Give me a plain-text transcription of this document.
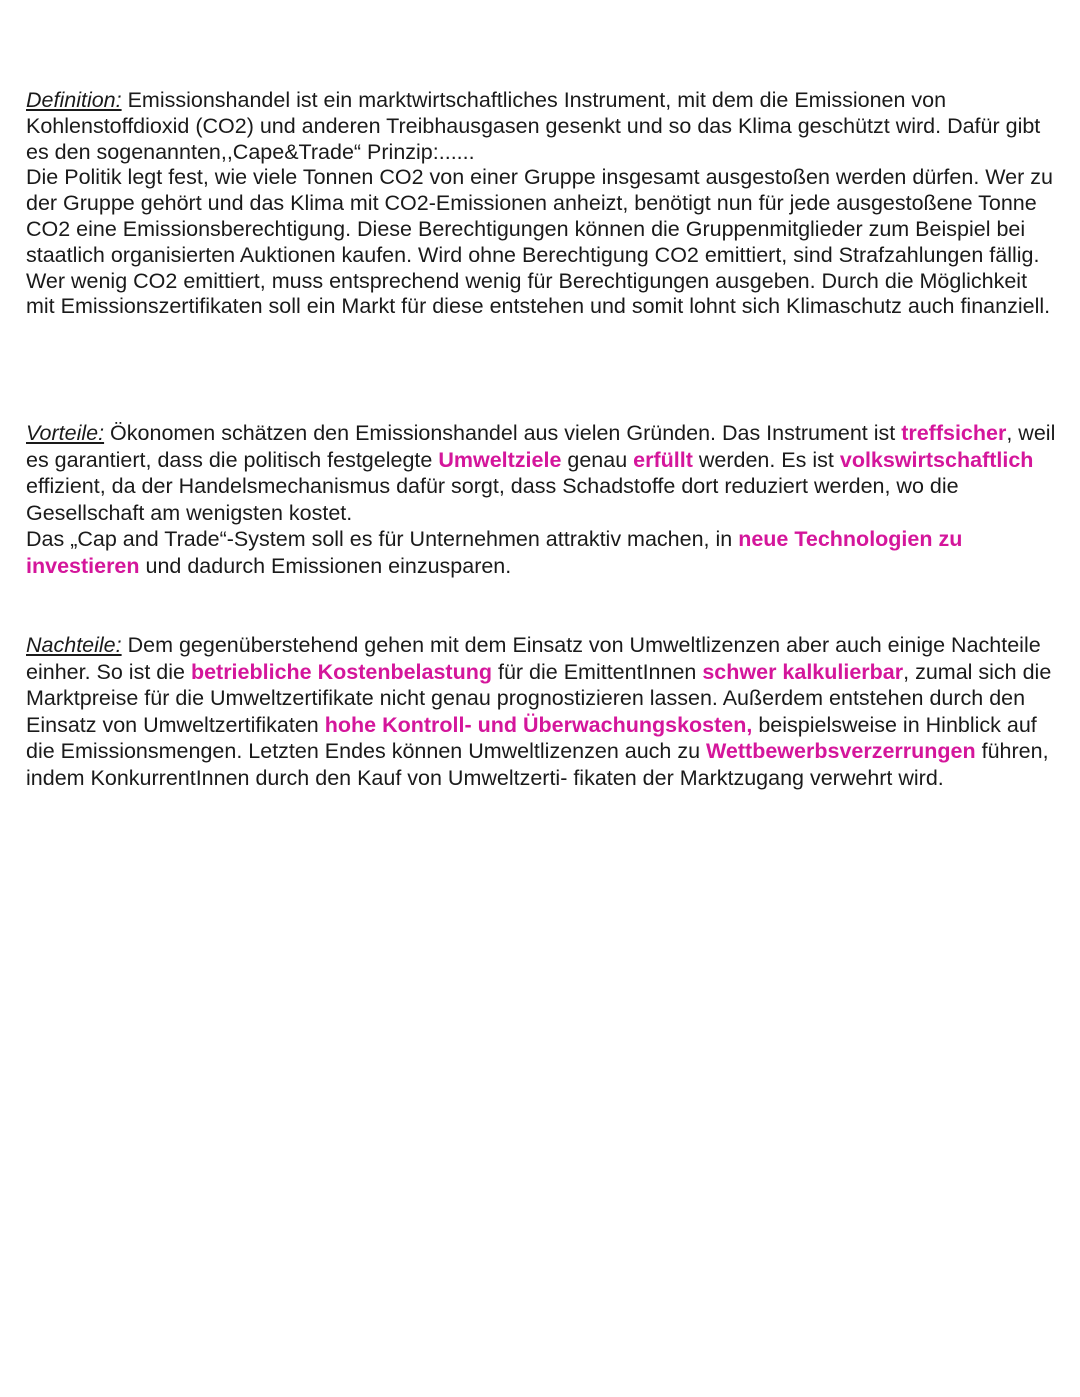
Definition: Emissionshandel ist ein marktwirtschaftliches Instrument, mit dem die Emissionen von Kohlenstoffdioxid (CO2) und anderen Treibhausgasen gesenkt und so das Klima geschützt wird. Dafür gibt es den sogenannten,,Cape&Trade“ Prinzip:......

Die Politik legt fest, wie viele Tonnen CO2 von einer Gruppe insgesamt ausgestoßen werden dürfen. Wer zu der Gruppe gehört und das Klima mit CO2-Emissionen anheizt, benötigt nun für jede ausgestoßene Tonne CO2 eine Emissionsberechtigung. Diese Berechtigungen können die Gruppenmitglieder zum Beispiel bei staatlich organisierten Auktionen kaufen. Wird ohne Berechtigung CO2 emittiert, sind Strafzahlungen fällig. Wer wenig CO2 emittiert, muss entsprechend wenig für Berechtigungen ausgeben. Durch die Möglichkeit mit Emissionszertifikaten soll ein Markt für diese entstehen und somit lohnt sich Klimaschutz auch finanziell.

Vorteile: Ökonomen schätzen den Emissionshandel aus vielen Gründen. Das Instrument ist treffsicher, weil es garantiert, dass die politisch festgelegte Umweltziele genau erfüllt werden. Es ist volkswirtschaftlich effizient, da der Handelsmechanismus dafür sorgt, dass Schadstoffe dort reduziert werden, wo die Gesellschaft am wenigsten kostet.

Das „Cap and Trade“-System soll es für Unternehmen attraktiv machen, in neue Technologien zu investieren und dadurch Emissionen einzusparen.

Nachteile: Dem gegenüberstehend gehen mit dem Einsatz von Umweltlizenzen aber auch einige Nachteile einher. So ist die betriebliche Kostenbelastung für die EmittentInnen schwer kalkulierbar, zumal sich die Marktpreise für die Umweltzertifikate nicht genau prognostizieren lassen. Außerdem entstehen durch den Einsatz von Umweltzertifikaten hohe Kontroll- und Überwachungskosten, beispielsweise in Hinblick auf die Emissionsmengen. Letzten Endes können Umweltlizenzen auch zu Wettbewerbsverzerrungen führen, indem KonkurrentInnen durch den Kauf von Umweltzerti- fikaten der Marktzugang verwehrt wird.
